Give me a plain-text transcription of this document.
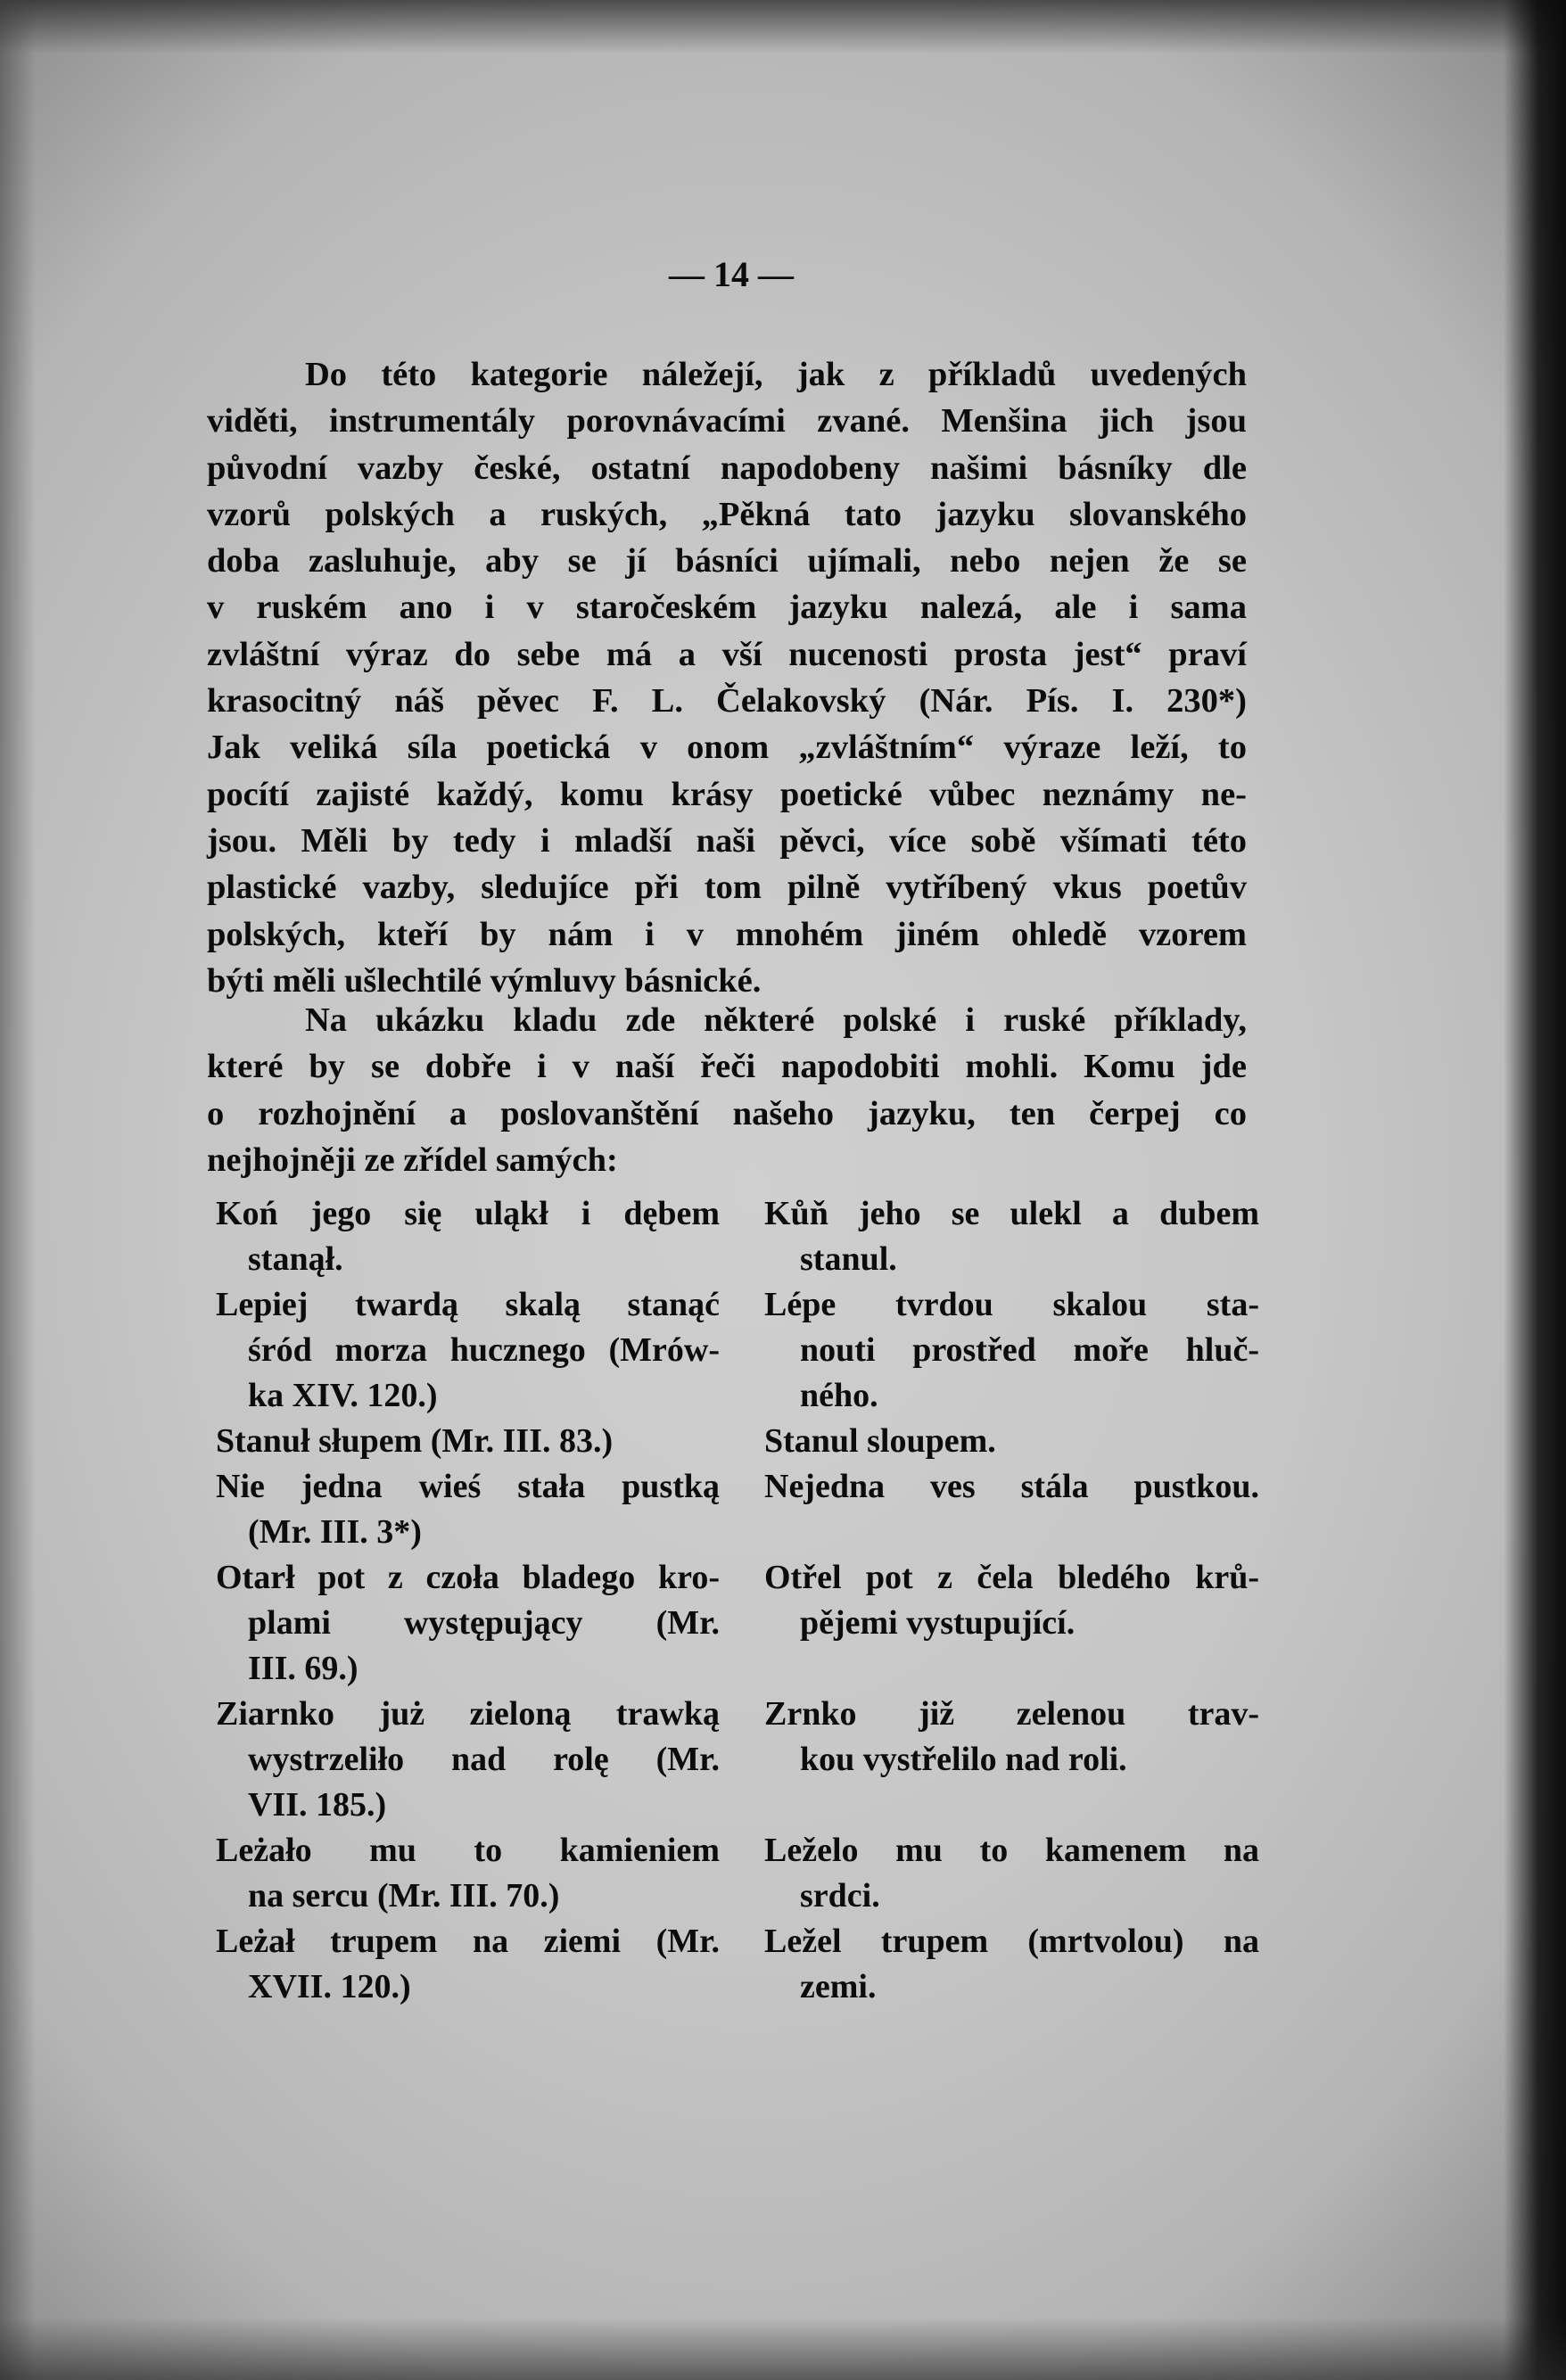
— 14 —
Do této kategorie náležejí, jak z příkladů uvedených
viděti, instrumentály porovnávacími zvané. Menšina jich jsou
původní vazby české, ostatní napodobeny našimi básníky dle
vzorů polských a ruských, „Pěkná tato jazyku slovanského
doba zasluhuje, aby se jí básníci ujímali, nebo nejen že se
v ruském ano i v staročeském jazyku nalezá, ale i sama
zvláštní výraz do sebe má a vší nucenosti prosta jest“ praví
krasocitný náš pěvec F. L. Čelakovský (Nár. Pís. I. 230*)
Jak veliká síla poetická v onom „zvláštním“ výraze leží, to
pocítí zajisté každý, komu krásy poetické vůbec neznámy ne-
jsou. Měli by tedy i mladší naši pěvci, více sobě všímati této
plastické vazby, sledujíce při tom pilně vytříbený vkus poetův
polských, kteří by nám i v mnohém jiném ohledě vzorem
býti měli ušlechtilé výmluvy básnické.
Na ukázku kladu zde některé polské i ruské příklady,
které by se dobře i v naší řeči napodobiti mohli. Komu jde
o rozhojnění a poslovanštění našeho jazyku, ten čerpej co
nejhojněji ze zřídel samých:
Koń jego się uląkł i dębem
stanął.
Kůň jeho se ulekl a dubem
stanul.
Lepiej twardą skalą stanąć
śród morza hucznego (Mrów-
ka XIV. 120.)
Lépe tvrdou skalou sta-
nouti prostřed moře hluč-
ného.
Stanuł słupem (Mr. III. 83.)	Stanul sloupem.
Nie jedna wieś stała pustką
(Mr. III. 3*)
Nejedna ves stála pustkou.
Otarł pot z czoła bladego kro-
plami występujący (Mr.
III. 69.)
Otřel pot z čela bledého krů-
pějemi vystupující.
Ziarnko już zieloną trawką
wystrzeliło nad rolę (Mr.
VII. 185.)
Zrnko již zelenou trav-
kou vystřelilo nad roli.
Leżało mu to kamieniem
na sercu (Mr. III. 70.)
Leželo mu to kamenem na
srdci.
Leżał trupem na ziemi (Mr.
XVII. 120.)
Ležel trupem (mrtvolou) na
zemi.
